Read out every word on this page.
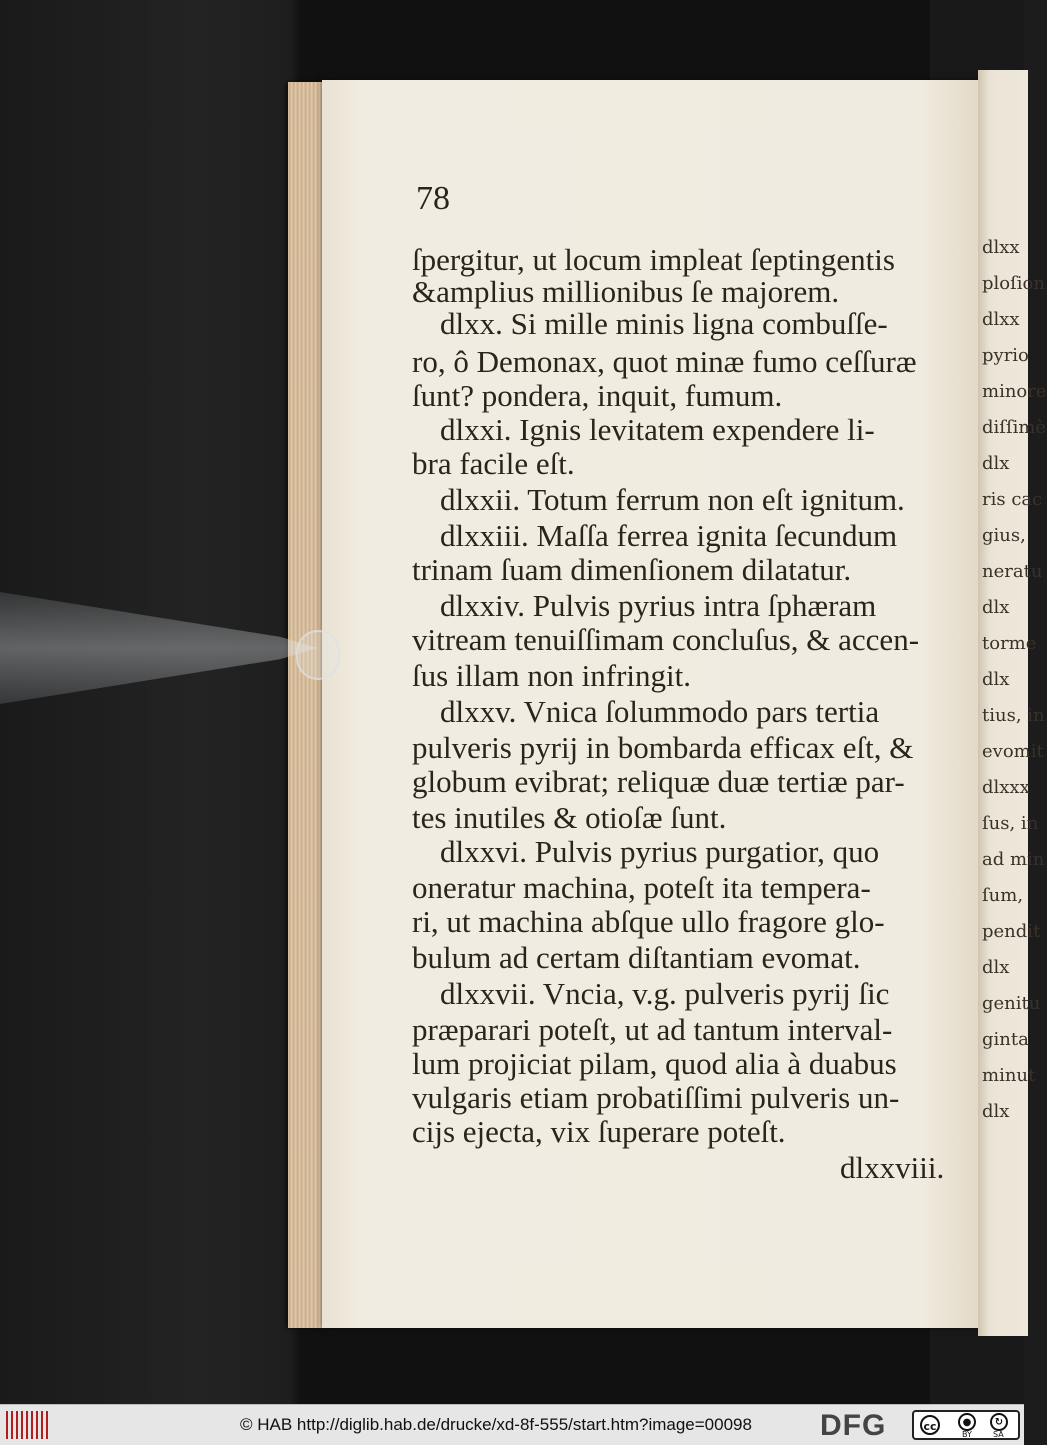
dlxx
ploſion
dlxx
pyrio
minore
diſſimè
dlx
ris cac
gius,
neratu
dlx
torme
dlx
tius, in
evomit
dlxxx
ſus, in
ad min
ſum,
pendit
dlx
genitu
ginta
minut
dlx
78
ſpergitur, ut locum impleat ſeptingentis
&amplius millionibus ſe majorem.
dlxx. Si mille minis ligna combuſſe-
ro, ô Demonax, quot minæ fumo ceſſuræ
ſunt? pondera, inquit, fumum.
dlxxi. Ignis levitatem expendere li-
bra facile eſt.
dlxxii. Totum ferrum non eſt ignitum.
dlxxiii. Maſſa ferrea ignita ſecundum
trinam ſuam dimenſionem dilatatur.
dlxxiv. Pulvis pyrius intra ſphæram
vitream tenuiſſimam concluſus, & accen-
ſus illam non infringit.
dlxxv. Vnica ſolummodo pars tertia
pulveris pyrij in bombarda efficax eſt, &
globum evibrat; reliquæ duæ tertiæ par-
tes inutiles & otioſæ ſunt.
dlxxvi. Pulvis pyrius purgatior, quo
oneratur machina, poteſt ita tempera-
ri, ut machina abſque ullo fragore glo-
bulum ad certam diſtantiam evomat.
dlxxvii. Vncia, v.g. pulveris pyrij ſic
præparari poteſt, ut ad tantum interval-
lum projiciat pilam, quod alia à duabus
vulgaris etiam probatiſſimi pulveris un-
cijs ejecta, vix ſuperare poteſt.
dlxxviii.
© HAB http://diglib.hab.de/drucke/xd-8f-555/start.htm?image=00098 DFG	cc	●	↻
BY	SA
